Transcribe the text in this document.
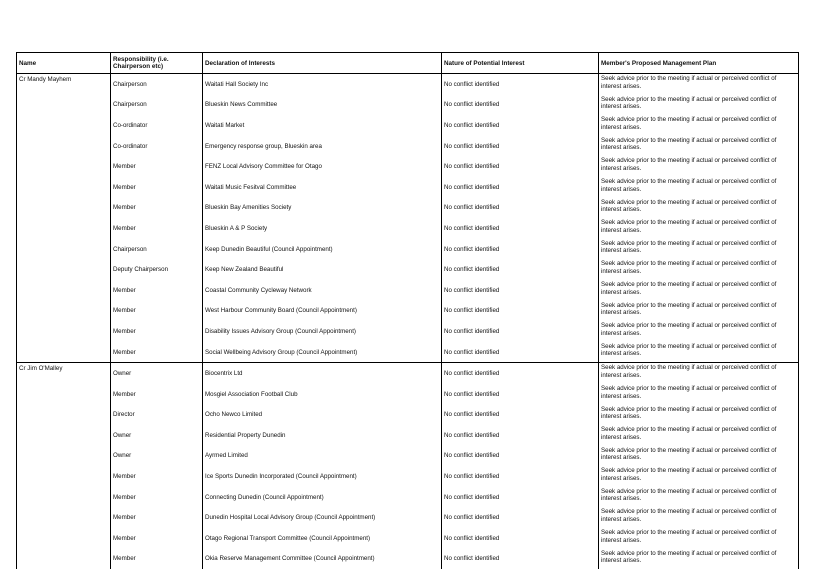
Name	Responsibility (i.e. Chairperson etc)	Declaration of Interests	Nature of Potential Interest	Member's Proposed Management Plan
Cr Mandy Mayhem	Chairperson	Waitati Hall Society Inc	No conflict identified	Seek advice prior to the meeting if actual or perceived conflict of interest arises.
	Chairperson	Blueskin News Committee	No conflict identified	Seek advice prior to the meeting if actual or perceived conflict of interest arises.
	Co-ordinator	Waitati Market	No conflict identified	Seek advice prior to the meeting if actual or perceived conflict of interest arises.
	Co-ordinator	Emergency response group, Blueskin area	No conflict identified	Seek advice prior to the meeting if actual or perceived conflict of interest arises.
	Member	FENZ Local Advisory Committee for Otago	No conflict identified	Seek advice prior to the meeting if actual or perceived conflict of interest arises.
	Member	Waitati Music Fesitval Committee	No conflict identified	Seek advice prior to the meeting if actual or perceived conflict of interest arises.
	Member	Blueskin Bay Amenities Society	No conflict identified	Seek advice prior to the meeting if actual or perceived conflict of interest arises.
	Member	Blueskin A & P Society	No conflict identified	Seek advice prior to the meeting if actual or perceived conflict of interest arises.
	Chairperson	Keep Dunedin Beautiful (Council Appointment)	No conflict identified	Seek advice prior to the meeting if actual or perceived conflict of interest arises.
	Deputy Chairperson	Keep New Zealand Beautiful	No conflict identified	Seek advice prior to the meeting if actual or perceived conflict of interest arises.
	Member	Coastal Community Cycleway Network	No conflict identified	Seek advice prior to the meeting if actual or perceived conflict of interest arises.
	Member	West Harbour Community Board (Council Appointment)	No conflict identified	Seek advice prior to the meeting if actual or perceived conflict of interest arises.
	Member	Disability Issues Advisory Group (Council Appointment)	No conflict identified	Seek advice prior to the meeting if actual or perceived conflict of interest arises.
	Member	Social Wellbeing Advisory Group (Council Appointment)	No conflict identified	Seek advice prior to the meeting if actual or perceived conflict of interest arises.
Cr Jim O'Malley	Owner	Biocentrix Ltd	No conflict identified	Seek advice prior to the meeting if actual or perceived conflict of interest arises.
	Member	Mosgiel Association Football Club	No conflict identified	Seek advice prior to the meeting if actual or perceived conflict of interest arises.
	Director	Ocho Newco Limited	No conflict identified	Seek advice prior to the meeting if actual or perceived conflict of interest arises.
	Owner	Residential Property Dunedin	No conflict identified	Seek advice prior to the meeting if actual or perceived conflict of interest arises.
	Owner	Ayrmed Limited	No conflict identified	Seek advice prior to the meeting if actual or perceived conflict of interest arises.
	Member	Ice Sports Dunedin Incorporated (Council Appointment)	No conflict identified	Seek advice prior to the meeting if actual or perceived conflict of interest arises.
	Member	Connecting Dunedin (Council Appointment)	No conflict identified	Seek advice prior to the meeting if actual or perceived conflict of interest arises.
	Member	Dunedin Hospital Local Advisory Group (Council Appointment)	No conflict identified	Seek advice prior to the meeting if actual or perceived conflict of interest arises.
	Member	Otago Regional Transport Committee (Council Appointment)	No conflict identified	Seek advice prior to the meeting if actual or perceived conflict of interest arises.
	Member	Okia Reserve Management Committee (Council Appointment)	No conflict identified	Seek advice prior to the meeting if actual or perceived conflict of interest arises.
